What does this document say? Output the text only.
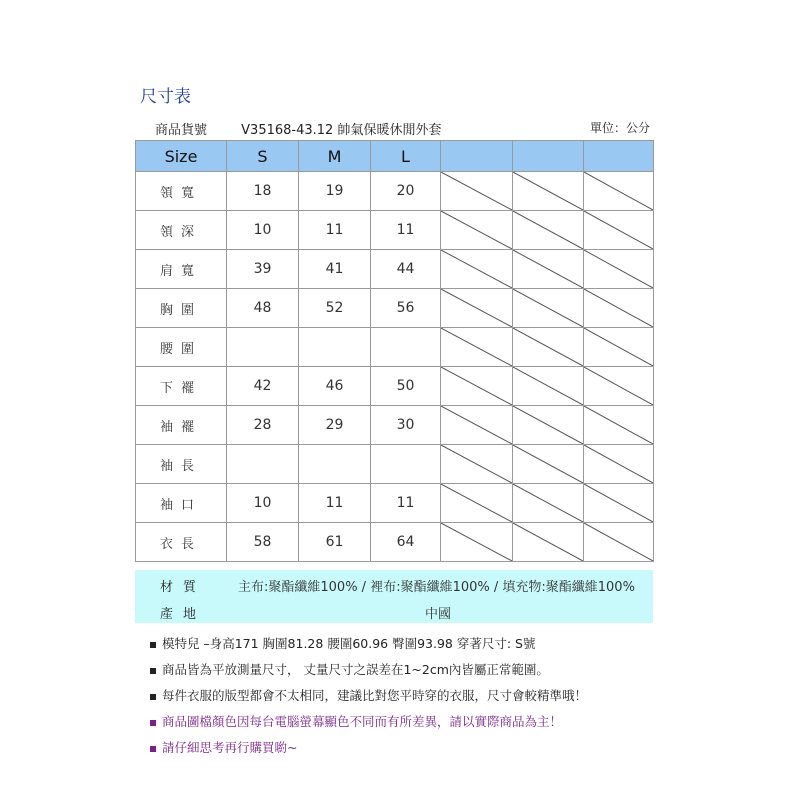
尺寸表
商品貨號	V35168-43.12 帥氣保暖休閒外套	單位：公分
Size	S	M	L			
領寬	18	19	20	

領深	10	11	11	

肩寬	39	41	44	

胸圍	48	52	56	

腰圍				

下襬	42	46	50	

袖襬	28	29	30	

袖長				

袖口	10	11	11	

衣長	58	61	64	

材質 主布:聚酯纖維100% / 裡布:聚酯纖維100% / 填充物:聚酯纖維100%
產地	中國
模特兒 –身高171 胸圍81.28 腰圍60.96 臀圍93.98 穿著尺寸: S號
商品皆為平放測量尺寸， 丈量尺寸之誤差在1~2cm內皆屬正常範圍。
每件衣服的版型都會不太相同，建議比對您平時穿的衣服，尺寸會較精準哦！
商品圖檔顏色因每台電腦螢幕顯色不同而有所差異，請以實際商品為主！
請仔細思考再行購買喲~
